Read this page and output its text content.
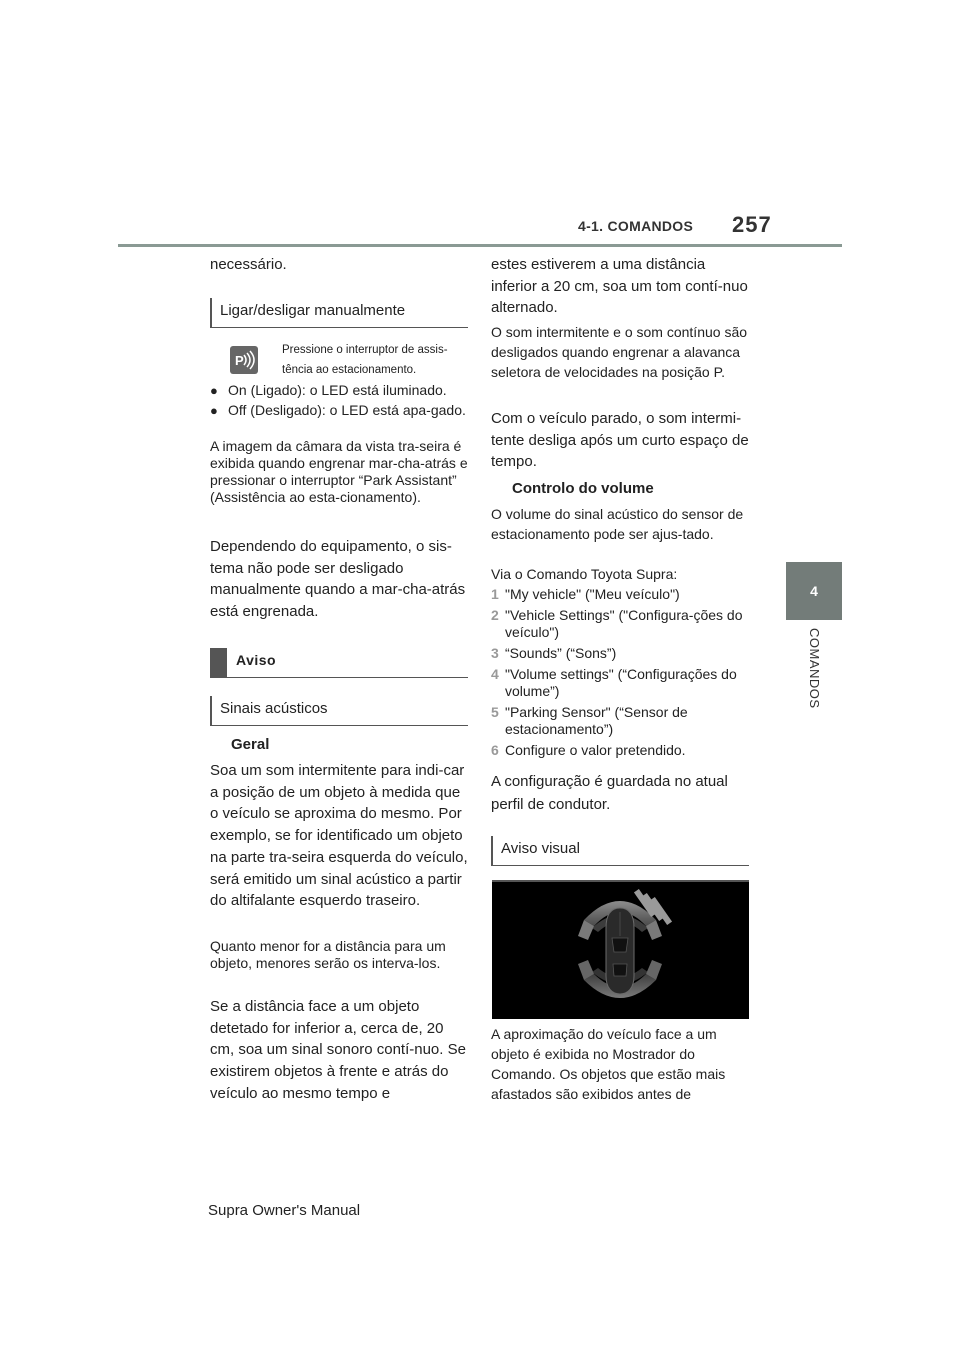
4-1. COMANDOS 257
4
COMANDOS

necessário.

Ligar/desligar manualmente
P
Pressione o interruptor de assis-
tência ao estacionamento.
● On (Ligado): o LED está iluminado.
● Off (Desligado): o LED está apa-gado.

A imagem da câmara da vista tra-seira é exibida quando engrenar mar-cha-atrás e pressionar o interruptor “Park Assistant” (Assistência ao esta-cionamento).

Dependendo do equipamento, o sis-tema não pode ser desligado manualmente quando a mar-cha-atrás está engrenada.

Aviso
Sinais acústicos
Geral

Soa um som intermitente para indi-car a posição de um objeto à medida que o veículo se aproxima do mesmo. Por exemplo, se for identificado um objeto na parte tra-seira esquerda do veículo, será emitido um sinal acústico a partir do altifalante esquerdo traseiro.

Quanto menor for a distância para um objeto, menores serão os interva-los.

Se a distância face a um objeto detetado for inferior a, cerca de, 20 cm, soa um sinal sonoro contí-nuo. Se existirem objetos à frente e atrás do veículo ao mesmo tempo e

estes estiverem a uma distância inferior a 20 cm, soa um tom contí-nuo alternado.

O som intermitente e o som contínuo são desligados quando engrenar a alavanca seletora de velocidades na posição P.

Com o veículo parado, o som intermi-tente desliga após um curto espaço de tempo.

Controlo do volume

O volume do sinal acústico do sensor de estacionamento pode ser ajus-tado.

Via o Comando Toyota Supra:

1 "My vehicle" ("Meu veículo")
2 "Vehicle Settings" ("Configura-ções do veículo")
3 “Sounds” (“Sons”)
4 "Volume settings" (“Configurações do volume”)
5 "Parking Sensor" (“Sensor de estacionamento”)
6 Configure o valor pretendido.

A configuração é guardada no atual perfil de condutor.

Aviso visual

A aproximação do veículo face a um objeto é exibida no Mostrador do Comando. Os objetos que estão mais afastados são exibidos antes de

Supra Owner's Manual
